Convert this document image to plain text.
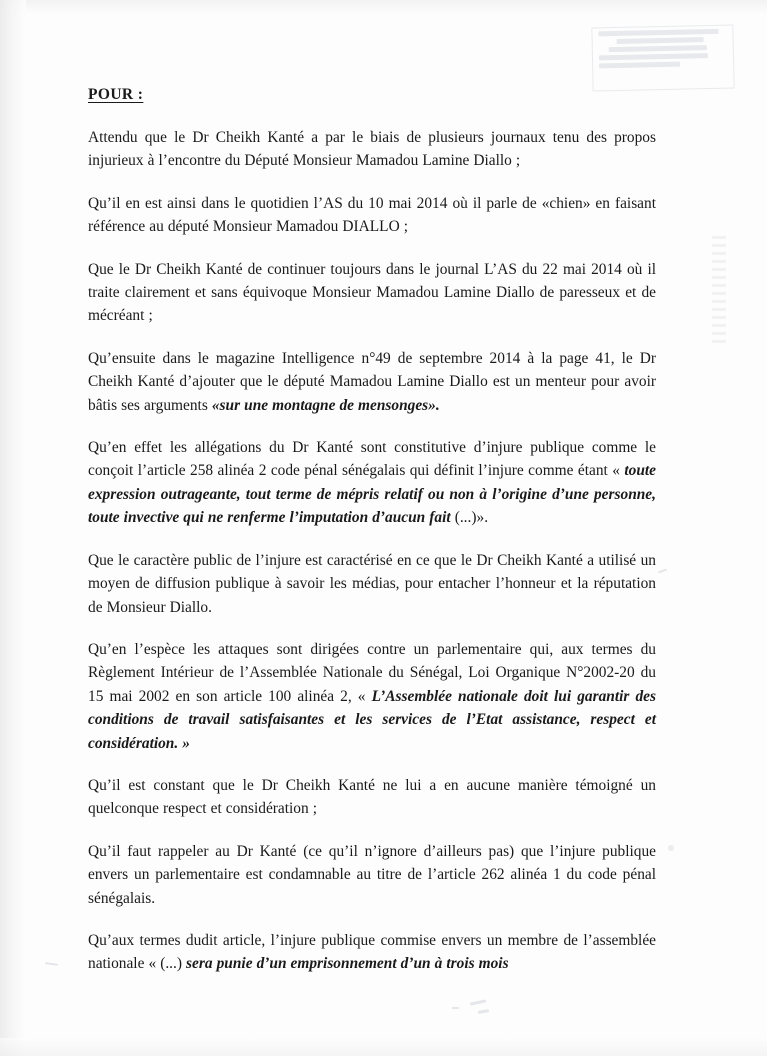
POUR :

Attendu que le Dr Cheikh Kanté a par le biais de plusieurs journaux tenu des propos injurieux à l’encontre du Député Monsieur Mamadou Lamine Diallo ;

Qu’il en est ainsi dans le quotidien l’AS du 10 mai 2014 où il parle de «chien» en faisant référence au député Monsieur Mamadou DIALLO ;

Que le Dr Cheikh Kanté de continuer toujours dans le journal L’AS du 22 mai 2014 où il traite clairement et sans équivoque Monsieur Mamadou Lamine Diallo de paresseux et de mécréant ;

Qu’ensuite dans le magazine Intelligence n°49 de septembre 2014 à la page 41, le Dr Cheikh Kanté d’ajouter que le député Mamadou Lamine Diallo est un menteur pour avoir bâtis ses arguments «sur une montagne de mensonges».

Qu’en effet les allégations du Dr Kanté sont constitutive d’injure publique comme le conçoit l’article 258 alinéa 2 code pénal sénégalais qui définit l’injure comme étant « toute expression outrageante, tout terme de mépris relatif ou non à l’origine d’une personne, toute invective qui ne renferme l’imputation d’aucun fait (...)».

Que le caractère public de l’injure est caractérisé en ce que le Dr Cheikh Kanté a utilisé un moyen de diffusion publique à savoir les médias, pour entacher l’honneur et la réputation de Monsieur Diallo.

Qu’en l’espèce les attaques sont dirigées contre un parlementaire qui, aux termes du Règlement Intérieur de l’Assemblée Nationale du Sénégal, Loi Organique N°2002-20 du 15 mai 2002 en son article 100 alinéa 2, « L’Assemblée nationale doit lui garantir des conditions de travail satisfaisantes et les services de l’Etat assistance, respect et considération. »

Qu’il est constant que le Dr Cheikh Kanté ne lui a en aucune manière témoigné un quelconque respect et considération ;

Qu’il faut rappeler au Dr Kanté (ce qu’il n’ignore d’ailleurs pas) que l’injure publique envers un parlementaire est condamnable au titre de l’article 262 alinéa 1 du code pénal sénégalais.

Qu’aux termes dudit article, l’injure publique commise envers un membre de l’assemblée nationale « (...) sera punie d’un emprisonnement d’un à trois mois
